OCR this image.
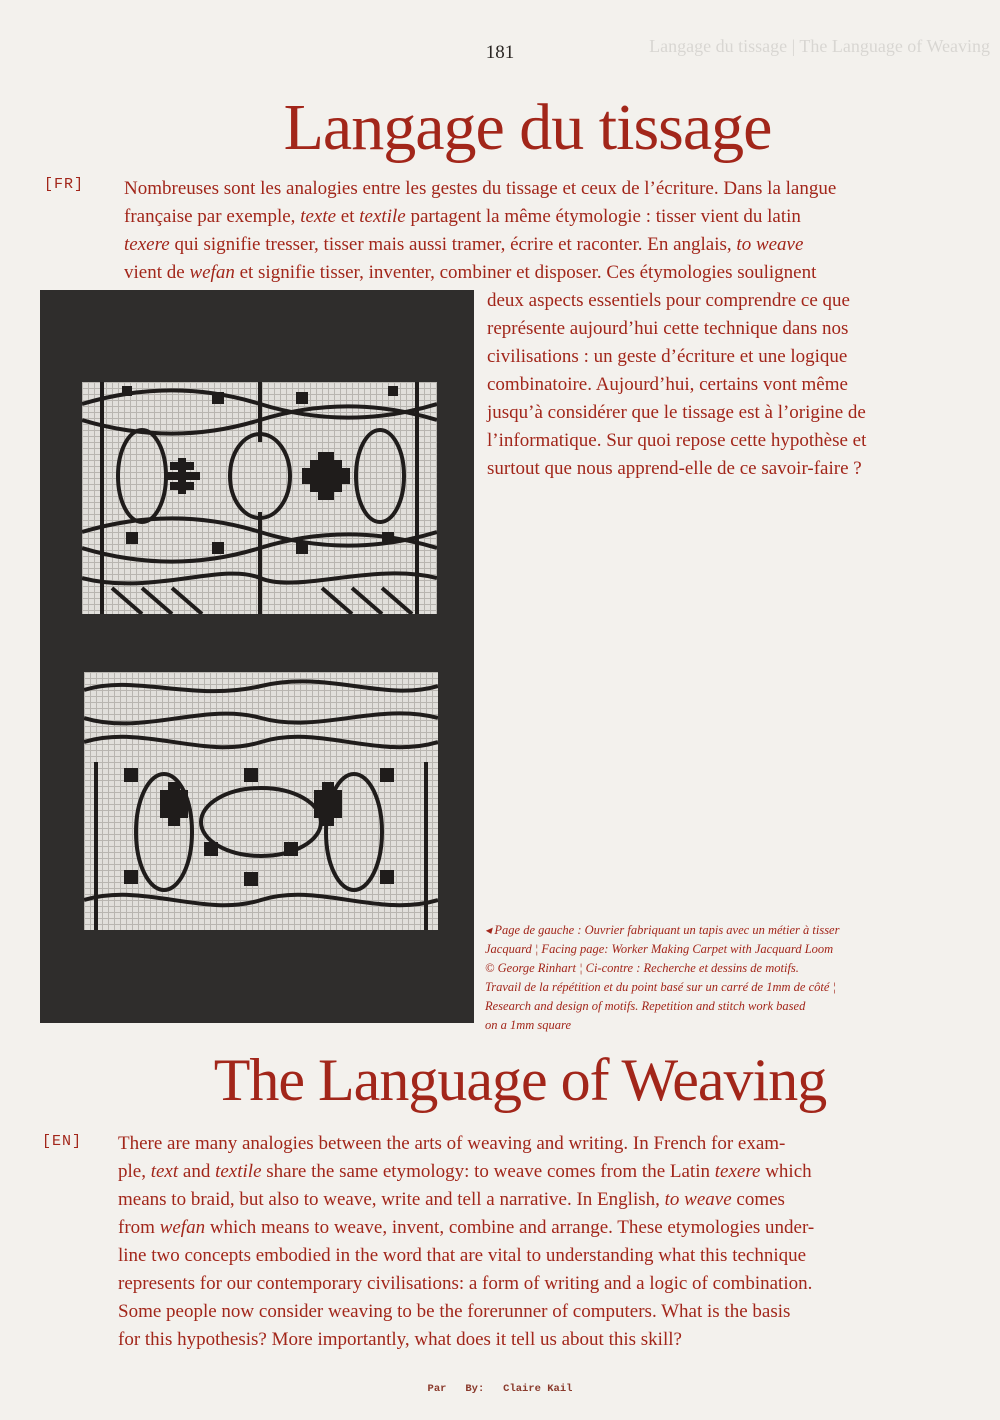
Langage du tissage | The Language of Weaving
181
Langage du tissage
[FR] Nombreuses sont les analogies entre les gestes du tissage et ceux de l’écriture. Dans la langue

française par exemple, texte et textile partagent la même étymologie : tisser vient du latin

texere qui signifie tresser, tisser mais aussi tramer, écrire et raconter. En anglais, to weave

vient de wefan et signifie tisser, inventer, combiner et disposer. Ces étymologies soulignent

deux aspects essentiels pour comprendre ce que

représente aujourd’hui cette technique dans nos

civilisations : un geste d’écriture et une logique

combinatoire. Aujourd’hui, certains vont même

jusqu’à considérer que le tissage est à l’origine de

l’informatique. Sur quoi repose cette hypothèse et

surtout que nous apprend-elle de ce savoir-faire ?

◂ Page de gauche : Ouvrier fabriquant un tapis avec un métier à tisser

Jacquard ¦ Facing page: Worker Making Carpet with Jacquard Loom

© George Rinhart ¦ Ci-contre : Recherche et dessins de motifs.

Travail de la répétition et du point basé sur un carré de 1mm de côté ¦

Research and design of motifs. Repetition and stitch work based

on a 1mm square

The Language of Weaving
[EN] There are many analogies between the arts of weaving and writing. In French for exam-

ple, text and textile share the same etymology: to weave comes from the Latin texere which

means to braid, but also to weave, write and tell a narrative. In English, to weave comes

from wefan which means to weave, invent, combine and arrange. These etymologies under-

line two concepts embodied in the word that are vital to understanding what this technique

represents for our contemporary civilisations: a form of writing and a logic of combination.

Some people now consider weaving to be the forerunner of computers. What is the basis

for this hypothesis? More importantly, what does it tell us about this skill?

Par   By:   Claire Kail
